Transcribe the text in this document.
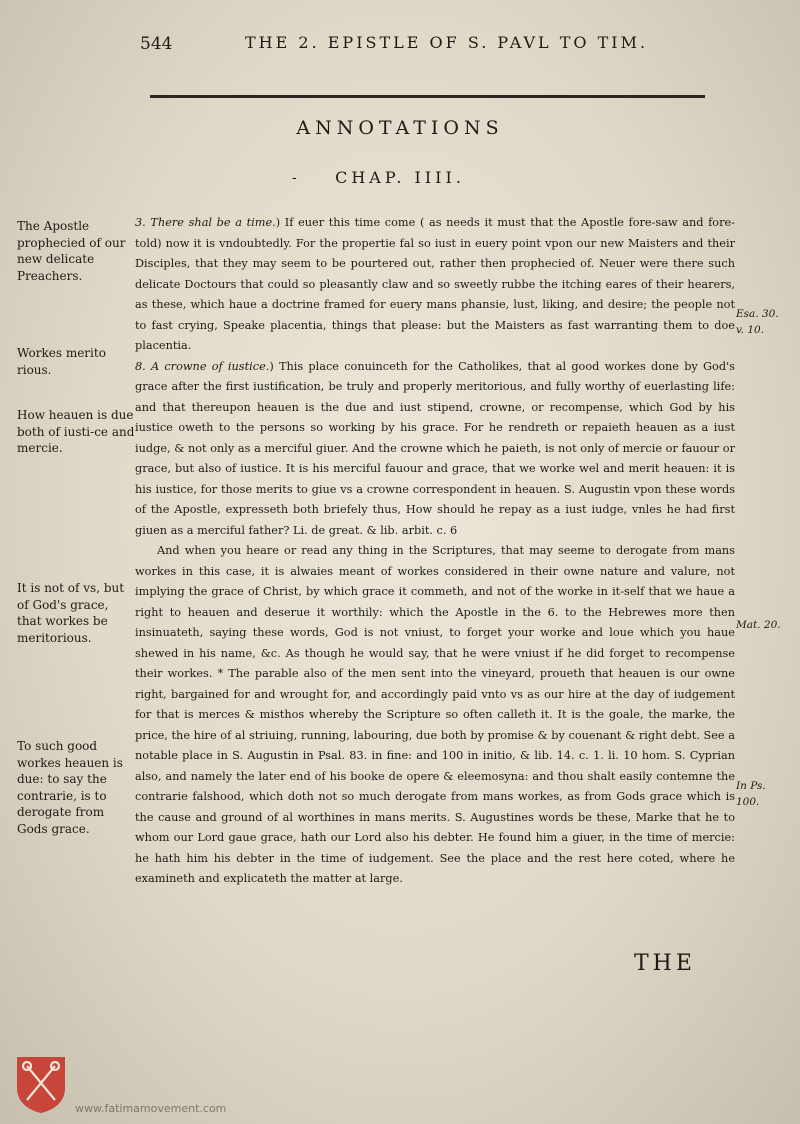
544	THE 2. EPISTLE OF S. PAVL TO TIM.
ANNOTATIONS
-	CHAP. IIII.
The Apostle prophecied of our new delicate Preachers.
Workes merito rious.
How heauen is due both of iusti-ce and mercie.
It is not of vs, but of God's grace, that workes be meritorious.
To such good workes heauen is due: to say the contrarie, is to derogate from Gods grace.
Esa. 30. v. 10.
Mat. 20.
In Ps. 100.

3. There shal be a time.) If euer this time come ( as needs it must that the Apostle fore-saw and fore-told) now it is vndoubtedly. For the propertie fal so iust in euery point vpon our new Maisters and their Disciples, that they may seem to be pourtered out, rather then prophecied of. Neuer were there such delicate Doctours that could so pleasantly claw and so sweetly rubbe the itching eares of their hearers, as these, which haue a doctrine framed for euery mans phansie, lust, liking, and desire; the people not to fast crying, Speake placentia, things that please: but the Maisters as fast warranting them to doe placentia.

8. A crowne of iustice.) This place conuinceth for the Catholikes, that al good workes done by God's grace after the first iustification, be truly and properly meritorious, and fully worthy of euerlasting life: and that thereupon heauen is the due and iust stipend, crowne, or recompense, which God by his iustice oweth to the persons so working by his grace. For he rendreth or repaieth heauen as a iust iudge, & not only as a merciful giuer. And the crowne which he paieth, is not only of mercie or fauour or grace, but also of iustice. It is his merciful fauour and grace, that we worke wel and merit heauen: it is his iustice, for those merits to giue vs a crowne correspondent in heauen. S. Augustin vpon these words of the Apostle, expresseth both briefely thus, How should he repay as a iust iudge, vnles he had first giuen as a merciful father? Li. de great. & lib. arbit. c. 6

And when you heare or read any thing in the Scriptures, that may seeme to derogate from mans workes in this case, it is alwaies meant of workes considered in their owne nature and valure, not implying the grace of Christ, by which grace it commeth, and not of the worke in it-self that we haue a right to heauen and deserue it worthily: which the Apostle in the 6. to the Hebrewes more then insinuateth, saying these words, God is not vniust, to forget your worke and loue which you haue shewed in his name, &c. As though he would say, that he were vniust if he did forget to recompense their workes. * The parable also of the men sent into the vineyard, proueth that heauen is our owne right, bargained for and wrought for, and accordingly paid vnto vs as our hire at the day of iudgement for that is merces & misthos whereby the Scripture so often calleth it. It is the goale, the marke, the price, the hire of al striuing, running, labouring, due both by promise & by couenant & right debt. See a notable place in S. Augustin in Psal. 83. in fine: and 100 in initio, & lib. 14. c. 1. li. 10 hom. S. Cyprian also, and namely the later end of his booke de opere & eleemosyna: and thou shalt easily contemne the contrarie falshood, which doth not so much derogate from mans workes, as from Gods grace which is the cause and ground of al worthines in mans merits. S. Augustines words be these, Marke that he to whom our Lord gaue grace, hath our Lord also his debter. He found him a giuer, in the time of mercie: he hath him his debter in the time of iudgement. See the place and the rest here coted, where he examineth and explicateth the matter at large.

THE
www.fatimamovement.com
